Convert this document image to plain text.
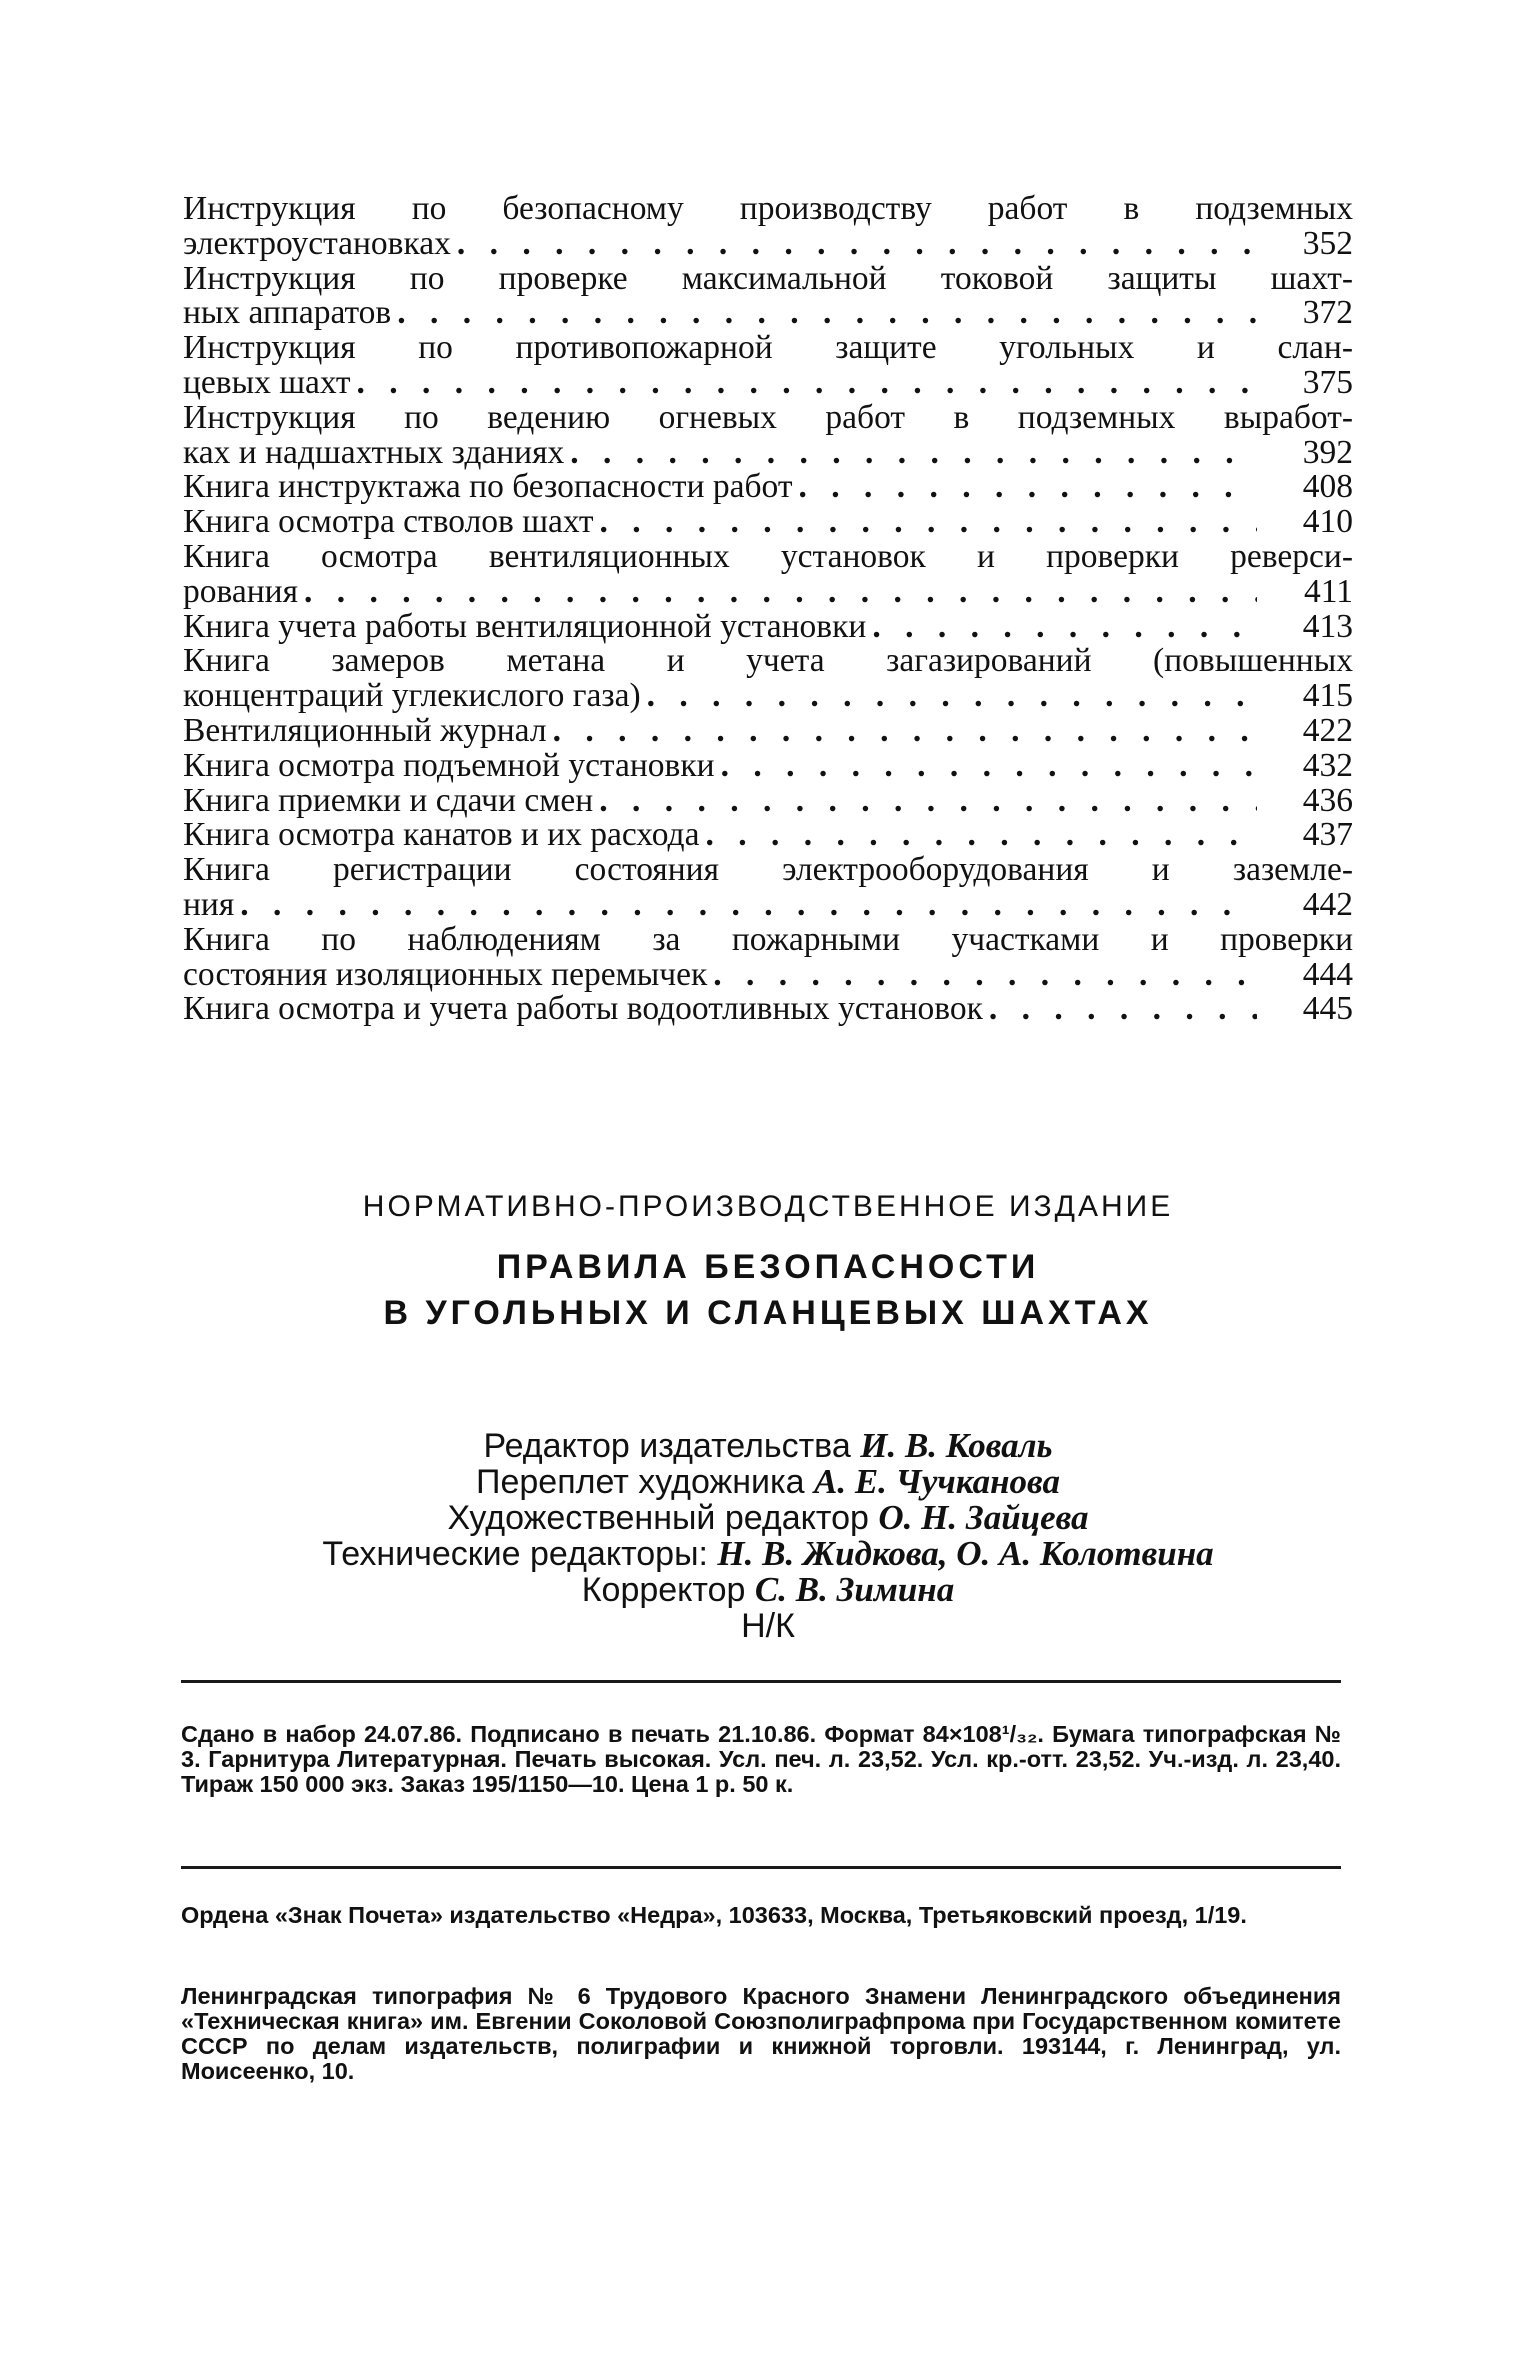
Инструкция по безопасному производству работ в подземных
электроустановках . . .	352
Инструкция по проверке максимальной токовой защиты шахт-
ных аппаратов . . .	372
Инструкция по противопожарной защите угольных и слан-
цевых шахт . . .	375
Инструкция по ведению огневых работ в подземных выработ-
ках и надшахтных зданиях . . .	392
Книга инструктажа по безопасности работ . . .	408
Книга осмотра стволов шахт . . .	410
Книга осмотра вентиляционных установок и проверки реверси-
рования . . .	411
Книга учета работы вентиляционной установки . . .	413
Книга замеров метана и учета загазирований (повышенных
концентраций углекислого газа) . . .	415
Вентиляционный журнал . . .	422
Книга осмотра подъемной установки . . .	432
Книга приемки и сдачи смен . . .	436
Книга осмотра канатов и их расхода . . .	437
Книга регистрации состояния электрооборудования и заземле-
ния . . .	442
Книга по наблюдениям за пожарными участками и проверки
состояния изоляционных перемычек . . .	444
Книга осмотра и учета работы водоотливных установок . . .	445
НОРМАТИВНО-ПРОИЗВОДСТВЕННОЕ ИЗДАНИЕ
ПРАВИЛА БЕЗОПАСНОСТИ
В УГОЛЬНЫХ И СЛАНЦЕВЫХ ШАХТАХ
Редактор издательства И. В. Коваль
Переплет художника А. Е. Чучканова
Художественный редактор О. Н. Зайцева
Технические редакторы: Н. В. Жидкова, О. А. Колотвина
Корректор С. В. Зимина
Н/К
Сдано в набор 24.07.86. Подписано в печать 21.10.86. Формат 84×108¹/₃₂. Бумага типографская № 3. Гарнитура Литературная. Печать высокая. Усл. печ. л. 23,52. Усл. кр.-отт. 23,52. Уч.-изд. л. 23,40. Тираж 150 000 экз. Заказ 195/1150—10. Цена 1 р. 50 к.
Ордена «Знак Почета» издательство «Недра», 103633, Москва, Третьяковский проезд, 1/19.
Ленинградская типография № 6 Трудового Красного Знамени Ленинградского объединения «Техническая книга» им. Евгении Соколовой Союзполиграфпрома при Государственном комитете СССР по делам издательств, полиграфии и книжной торговли. 193144, г. Ленинград, ул. Моисеенко, 10.
